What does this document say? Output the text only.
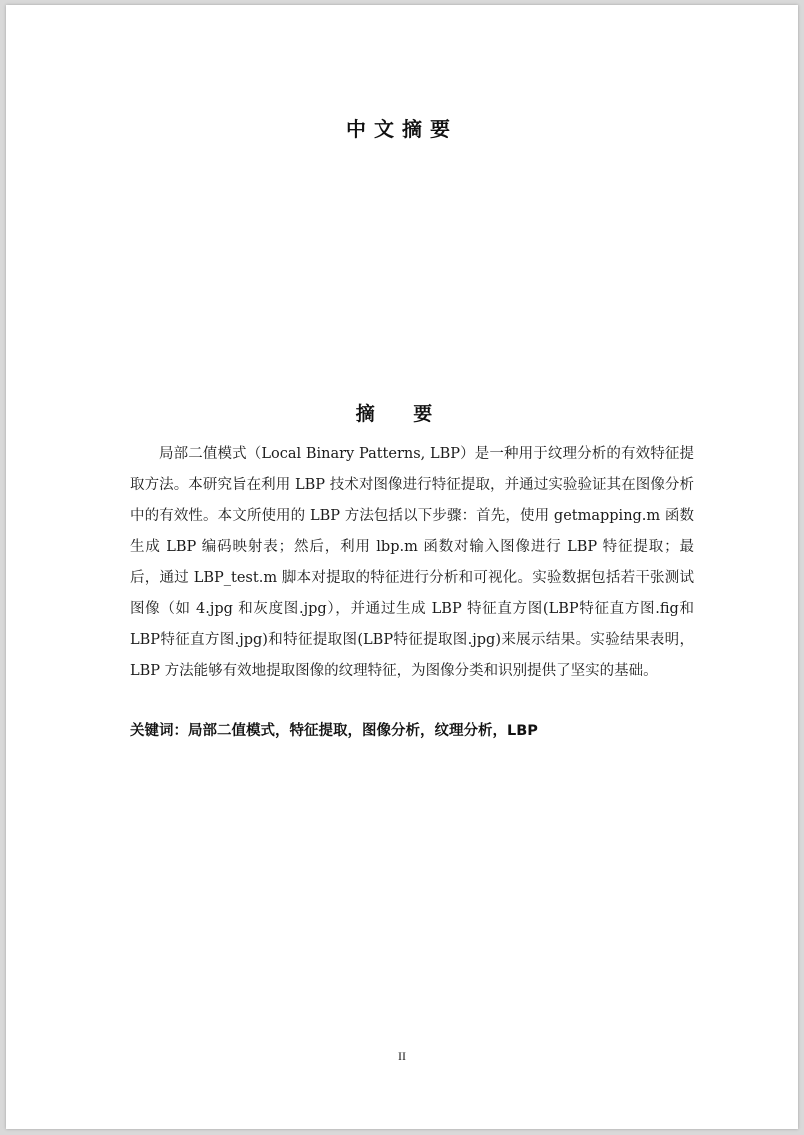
中文摘要
摘 要

局部二值模式（Local Binary Patterns, LBP）是一种用于纹理分析的有效特征提取方法。本研究旨在利用 LBP 技术对图像进行特征提取，并通过实验验证其在图像分析中的有效性。本文所使用的 LBP 方法包括以下步骤：首先，使用 getmapping.m 函数生成 LBP 编码映射表；然后，利用 lbp.m 函数对输入图像进行 LBP 特征提取；最后，通过 LBP_test.m 脚本对提取的特征进行分析和可视化。实验数据包括若干张测试图像（如 4.jpg 和灰度图.jpg），并通过生成 LBP 特征直方图(LBP特征直方图.fig和LBP特征直方图.jpg)和特征提取图(LBP特征提取图.jpg)来展示结果。实验结果表明，LBP 方法能够有效地提取图像的纹理特征，为图像分类和识别提供了坚实的基础。

关键词：局部二值模式，特征提取，图像分析，纹理分析，LBP
II
